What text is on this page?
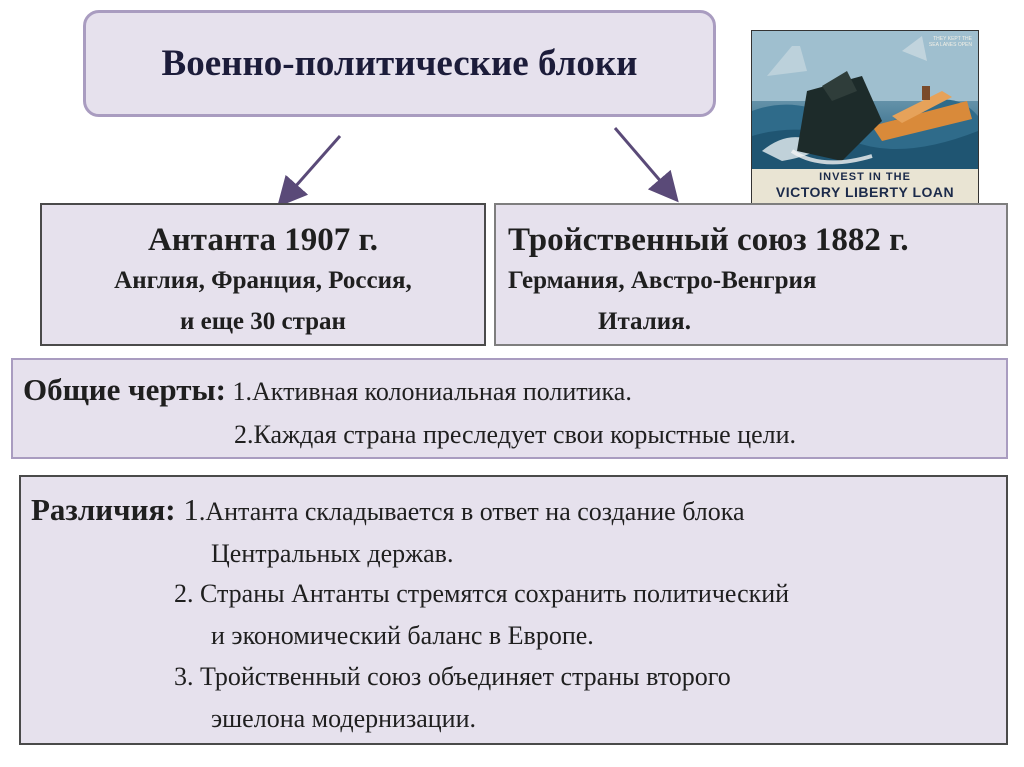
Военно-политические блоки
THEY KEPT THE SEA LANES OPEN
INVEST IN THE
VICTORY LIBERTY LOAN
Антанта 1907 г.
Англия, Франция, Россия,
и еще 30 стран
Тройственный союз 1882 г.
Германия, Австро-Венгрия
Италия.
Общие черты: 1.Активная колониальная политика.
2.Каждая страна преследует свои корыстные цели.
Различия: 1.Антанта складывается в ответ на создание блока
Центральных держав.
2. Страны Антанты стремятся сохранить политический
и экономический баланс в Европе.
3. Тройственный союз объединяет страны второго
эшелона модернизации.
